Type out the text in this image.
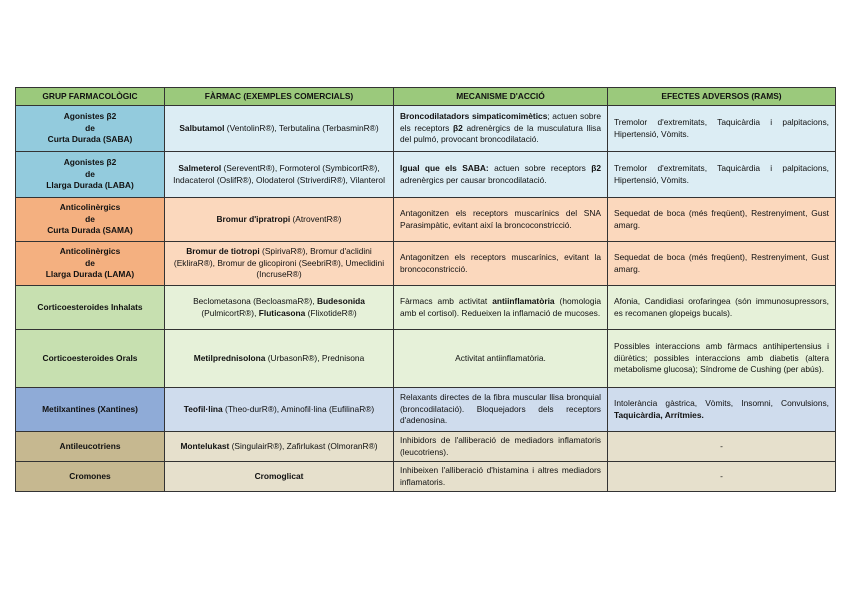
GRUP FARMACOLÒGIC	FÀRMAC (EXEMPLES COMERCIALS)	MECANISME D'ACCIÓ	EFECTES ADVERSOS (RAMS)
Agonistes β2
de
Curta Durada (SABA)	Salbutamol (VentolinR®), Terbutalina (TerbasminR®)	Broncodilatadors simpaticomimètics; actuen sobre els receptors β2 adrenèrgics de la musculatura llisa del pulmó, provocant broncodilatació.	Tremolor d'extremitats, Taquicàrdia i palpitacions, Hipertensió, Vòmits.
Agonistes β2
de
Llarga Durada (LABA)	Salmeterol (SereventR®), Formoterol (SymbicortR®), Indacaterol (OslifR®), Olodaterol (StriverdiR®), Vilanterol	Igual que els SABA: actuen sobre receptors β2 adrenèrgics per causar broncodilatació.	Tremolor d'extremitats, Taquicàrdia i palpitacions, Hipertensió, Vòmits.
Anticolinèrgics
de
Curta Durada (SAMA)	Bromur d'ipratropi (AtroventR®)	Antagonitzen els receptors muscarínics del SNA Parasimpàtic, evitant així la broncoconstricció.	Sequedat de boca (més freqüent), Restrenyiment, Gust amarg.
Anticolinèrgics
de
Llarga Durada (LAMA)	Bromur de tiotropi (SpirivaR®), Bromur d'aclidini (EklirаR®), Bromur de glicopironi (SeebriR®), Umeclidini (IncruseR®)	Antagonitzen els receptors muscarínics, evitant la broncoconstricció.	Sequedat de boca (més freqüent), Restrenyiment, Gust amarg.
Corticoesteroides Inhalats	Beclometasona (BecloasmaR®), Budesonida (PulmicortR®), Fluticasona (FlixotideR®)	Fàrmacs amb activitat antiinflamatòria (homologia amb el cortisol). Redueixen la inflamació de mucoses.	Afonia, Candidiasi orofaringea (són immunosupressors, es recomanen glopeigs bucals).
Corticoesteroides Orals	Metilprednisolona (UrbasonR®), Prednisona	Activitat antiinflamatòria.	Possibles interaccions amb fàrmacs antihipertensius i diürètics; possibles interaccions amb diabetis (altera metabolisme glucosa); Síndrome de Cushing (per abús).
Metilxantines (Xantines)	Teofil·lina (Theo-durR®), Aminofil·lina (EufilinaR®)	Relaxants directes de la fibra muscular llisa bronquial (broncodilatació). Bloquejadors dels receptors d'adenosina.	Intolerància gàstrica, Vòmits, Insomni, Convulsions, Taquicàrdia, Arrítmies.
Antileucotriens	Montelukast (SingulairR®), Zafirlukast (OlmoranR®)	Inhibidors de l'alliberació de mediadors inflamatoris (leucotriens).	-
Cromones	Cromoglicat	Inhibeixen l'alliberació d'histamina i altres mediadors inflamatoris.	-
